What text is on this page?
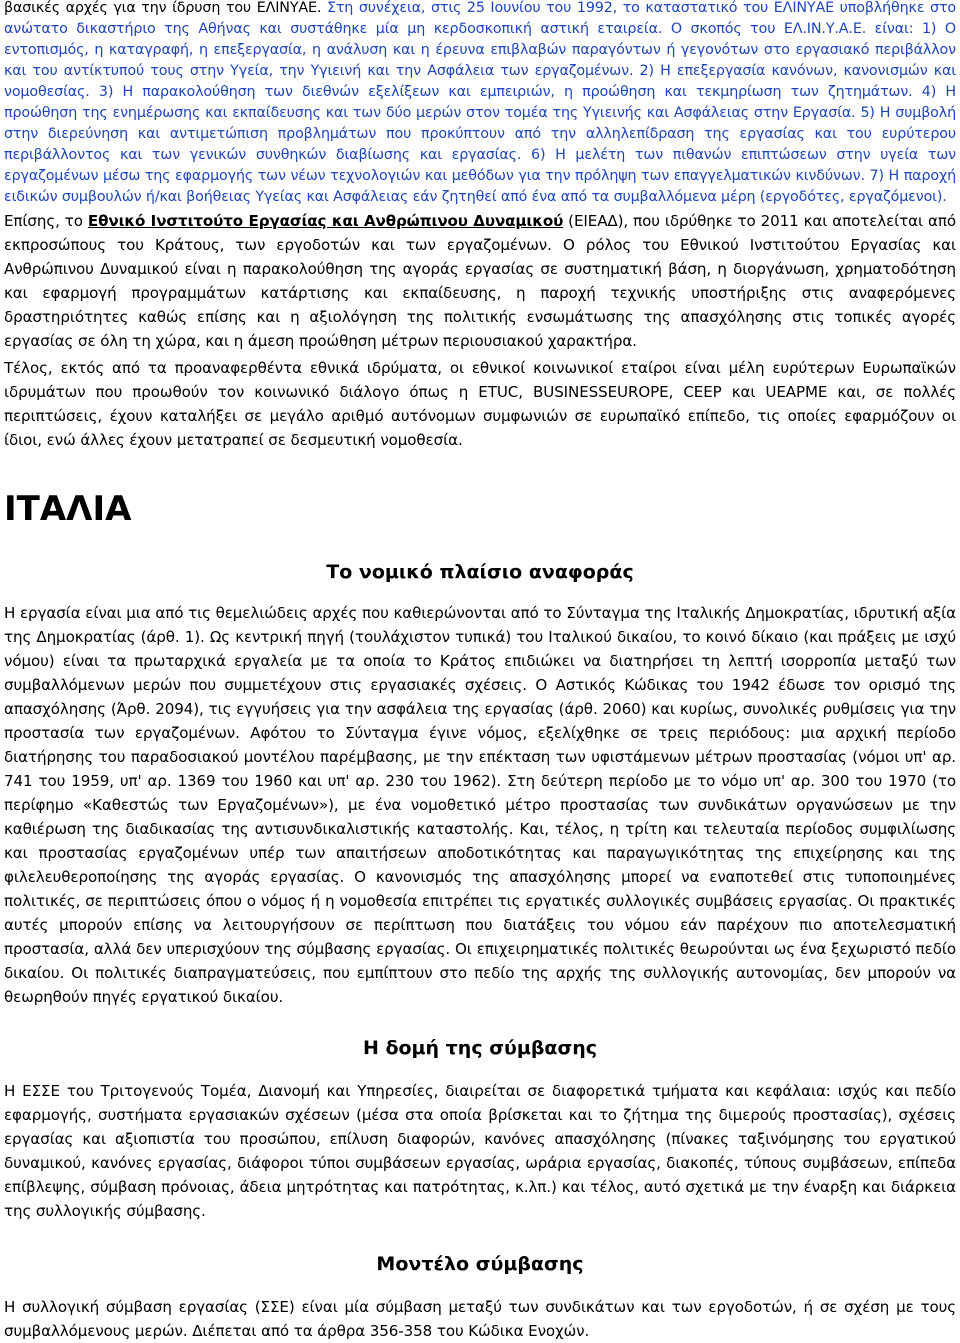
βασικές αρχές για την ίδρυση του ΕΛΙΝΥΑΕ. Στη συνέχεια, στις 25 Ιουνίου του 1992, το καταστατικό του ΕΛΙΝΥΑΕ υποβλήθηκε στο ανώτατο δικαστήριο της Αθήνας και συστάθηκε μία μη κερδοσκοπική αστική εταιρεία. Ο σκοπός του ΕΛ.ΙΝ.Υ.Α.Ε. είναι: 1) Ο εντοπισμός, η καταγραφή, η επεξεργασία, η ανάλυση και η έρευνα επιβλαβών παραγόντων ή γεγονότων στο εργασιακό περιβάλλον και του αντίκτυπού τους στην Υγεία, την Υγιεινή και την Ασφάλεια των εργαζομένων. 2) Η επεξεργασία κανόνων, κανονισμών και νομοθεσίας. 3) Η παρακολούθηση των διεθνών εξελίξεων και εμπειριών, η προώθηση και τεκμηρίωση των ζητημάτων. 4) Η προώθηση της ενημέρωσης και εκπαίδευσης και των δύο μερών στον τομέα της Υγιεινής και Ασφάλειας στην Εργασία. 5) Η συμβολή στην διερεύνηση και αντιμετώπιση προβλημάτων που προκύπτουν από την αλληλεπίδραση της εργασίας και του ευρύτερου περιβάλλοντος και των γενικών συνθηκών διαβίωσης και εργασίας. 6) Η μελέτη των πιθανών επιπτώσεων στην υγεία των εργαζομένων μέσω της εφαρμογής των νέων τεχνολογιών και μεθόδων για την πρόληψη των επαγγελματικών κινδύνων. 7) Η παροχή ειδικών συμβουλών ή/και βοήθειας Υγείας και Ασφάλειας εάν ζητηθεί από ένα από τα συμβαλλόμενα μέρη (εργοδότες, εργαζόμενοι).

Επίσης, το Εθνικό Ινστιτούτο Εργασίας και Ανθρώπινου Δυναμικού (ΕΙΕΑΔ), που ιδρύθηκε το 2011 και αποτελείται από εκπροσώπους του Κράτους, των εργοδοτών και των εργαζομένων. Ο ρόλος του Εθνικού Ινστιτούτου Εργασίας και Ανθρώπινου Δυναμικού είναι η παρακολούθηση της αγοράς εργασίας σε συστηματική βάση, η διοργάνωση, χρηματοδότηση και εφαρμογή προγραμμάτων κατάρτισης και εκπαίδευσης, η παροχή τεχνικής υποστήριξης στις αναφερόμενες δραστηριότητες καθώς επίσης και η αξιολόγηση της πολιτικής ενσωμάτωσης της απασχόλησης στις τοπικές αγορές εργασίας σε όλη τη χώρα, και η άμεση προώθηση μέτρων περιουσιακού χαρακτήρα.

Τέλος, εκτός από τα προαναφερθέντα εθνικά ιδρύματα, οι εθνικοί κοινωνικοί εταίροι είναι μέλη ευρύτερων Ευρωπαϊκών ιδρυμάτων που προωθούν τον κοινωνικό διάλογο όπως η ETUC, BUSINESSEUROPE, CEEP και UEAPME και, σε πολλές περιπτώσεις, έχουν καταλήξει σε μεγάλο αριθμό αυτόνομων συμφωνιών σε ευρωπαϊκό επίπεδο, τις οποίες εφαρμόζουν οι ίδιοι, ενώ άλλες έχουν μετατραπεί σε δεσμευτική νομοθεσία.

ΙΤΑΛΙΑ
Το νομικό πλαίσιο αναφοράς

Η εργασία είναι μια από τις θεμελιώδεις αρχές που καθιερώνονται από το Σύνταγμα της Ιταλικής Δημοκρατίας, ιδρυτική αξία της Δημοκρατίας (άρθ. 1). Ως κεντρική πηγή (τουλάχιστον τυπικά) του Ιταλικού δικαίου, το κοινό δίκαιο (και πράξεις με ισχύ νόμου) είναι τα πρωταρχικά εργαλεία με τα οποία το Κράτος επιδιώκει να διατηρήσει τη λεπτή ισορροπία μεταξύ των συμβαλλόμενων μερών που συμμετέχουν στις εργασιακές σχέσεις. Ο Αστικός Κώδικας του 1942 έδωσε τον ορισμό της απασχόλησης (Άρθ. 2094), τις εγγυήσεις για την ασφάλεια της εργασίας (άρθ. 2060) και κυρίως, συνολικές ρυθμίσεις για την προστασία των εργαζομένων. Αφότου το Σύνταγμα έγινε νόμος, εξελίχθηκε σε τρεις περιόδους: μια αρχική περίοδο διατήρησης του παραδοσιακού μοντέλου παρέμβασης, με την επέκταση των υφιστάμενων μέτρων προστασίας (νόμοι υπ' αρ. 741 του 1959, υπ' αρ. 1369 του 1960 και υπ' αρ. 230 του 1962). Στη δεύτερη περίοδο με το νόμο υπ' αρ. 300 του 1970 (το περίφημο «Καθεστώς των Εργαζομένων»), με ένα νομοθετικό μέτρο προστασίας των συνδικάτων οργανώσεων με την καθιέρωση της διαδικασίας της αντισυνδικαλιστικής καταστολής. Και, τέλος, η τρίτη και τελευταία περίοδος συμφιλίωσης και προστασίας εργαζομένων υπέρ των απαιτήσεων αποδοτικότητας και παραγωγικότητας της επιχείρησης και της φιλελευθεροποίησης της αγοράς εργασίας. Ο κανονισμός της απασχόλησης μπορεί να εναποτεθεί στις τυποποιημένες πολιτικές, σε περιπτώσεις όπου ο νόμος ή η νομοθεσία επιτρέπει τις εργατικές συλλογικές συμβάσεις εργασίας. Οι πρακτικές αυτές μπορούν επίσης να λειτουργήσουν σε περίπτωση που διατάξεις του νόμου εάν παρέχουν πιο αποτελεσματική προστασία, αλλά δεν υπερισχύουν της σύμβασης εργασίας. Οι επιχειρηματικές πολιτικές θεωρούνται ως ένα ξεχωριστό πεδίο δικαίου. Οι πολιτικές διαπραγματεύσεις, που εμπίπτουν στο πεδίο της αρχής της συλλογικής αυτονομίας, δεν μπορούν να θεωρηθούν πηγές εργατικού δικαίου.

Η δομή της σύμβασης

Η ΕΣΣΕ του Τριτογενούς Τομέα, Διανομή και Υπηρεσίες, διαιρείται σε διαφορετικά τμήματα και κεφάλαια: ισχύς και πεδίο εφαρμογής, συστήματα εργασιακών σχέσεων (μέσα στα οποία βρίσκεται και το ζήτημα της διμερούς προστασίας), σχέσεις εργασίας και αξιοπιστία του προσώπου, επίλυση διαφορών, κανόνες απασχόλησης (πίνακες ταξινόμησης του εργατικού δυναμικού, κανόνες εργασίας, διάφοροι τύποι συμβάσεων εργασίας, ωράρια εργασίας, διακοπές, τύπους συμβάσεων, επίπεδα επίβλεψης, σύμβαση πρόνοιας, άδεια μητρότητας και πατρότητας, κ.λπ.) και τέλος, αυτό σχετικά με την έναρξη και διάρκεια της συλλογικής σύμβασης.

Μοντέλο σύμβασης

Η συλλογική σύμβαση εργασίας (ΣΣΕ) είναι μία σύμβαση μεταξύ των συνδικάτων και των εργοδοτών, ή σε σχέση με τους συμβαλλόμενους μερών. Διέπεται από τα άρθρα 356-358 του Κώδικα Ενοχών.
